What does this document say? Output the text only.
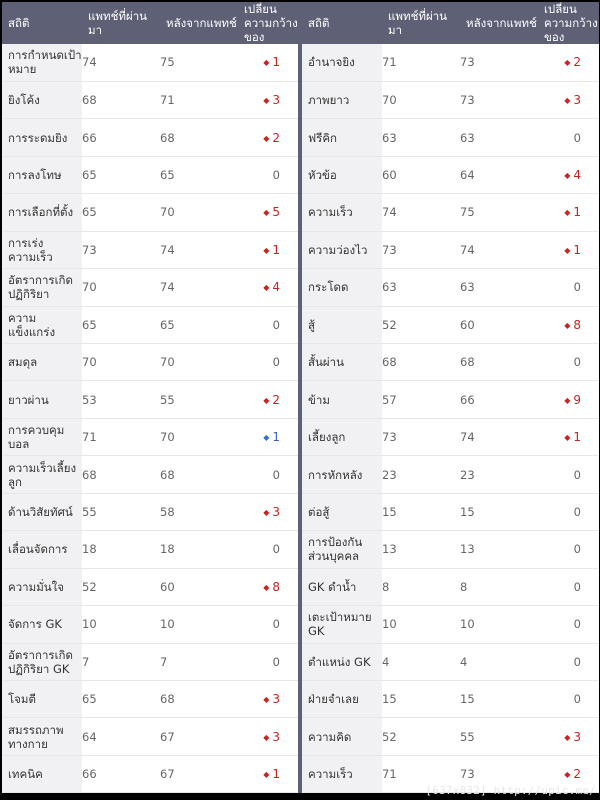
สถิติ	แพทช์ที่ผ่านมา	หลังจากแพทช์	เปลี่ยนความกว้างของ		สถิติ	แพทช์ที่ผ่านมา	หลังจากแพทช์	เปลี่ยนความกว้างของ
การกำหนดเป้าหมาย	74	75	◆ 1		อำนาจยิง	71	73	◆ 2
ยิงโค้ง	68	71	◆ 3		ภาพยาว	70	73	◆ 3
การระดมยิง	66	68	◆ 2		ฟรีคิก	63	63	0
การลงโทษ	65	65	0		หัวข้อ	60	64	◆ 4
การเลือกที่ตั้ง	65	70	◆ 5		ความเร็ว	74	75	◆ 1
การเร่งความเร็ว	73	74	◆ 1		ความว่องไว	73	74	◆ 1
อัตราการเกิดปฏิกิริยา	70	74	◆ 4		กระโดด	63	63	0
ความแข็งแกร่ง	65	65	0		สู้	52	60	◆ 8
สมดุล	70	70	0		สั้นผ่าน	68	68	0
ยาวผ่าน	53	55	◆ 2		ข้าม	57	66	◆ 9
การควบคุมบอล	71	70	◆ 1		เลี้ยงลูก	73	74	◆ 1
ความเร็วเลี้ยงลูก	68	68	0		การหักหลัง	23	23	0
ด้านวิสัยทัศน์	55	58	◆ 3		ต่อสู้	15	15	0
เลื่อนจัดการ	18	18	0		การป้องกันส่วนบุคคล	13	13	0
ความมั่นใจ	52	60	◆ 8		GK ดำน้ำ	8	8	0
จัดการ GK	10	10	0		เตะเป้าหมาย GK	10	10	0
อัตราการเกิดปฏิกิริยา GK	7	7	0		ตำแหน่ง GK	4	4	0
โจมตี	65	68	◆ 3		ฝ่ายจำเลย	15	15	0
สมรรถภาพทางกาย	64	67	◆ 3		ความคิด	52	55	◆ 3
เทคนิค	66	67	◆ 1		ความเร็ว	71	73	◆ 2
[637x832] http://upic.me/
